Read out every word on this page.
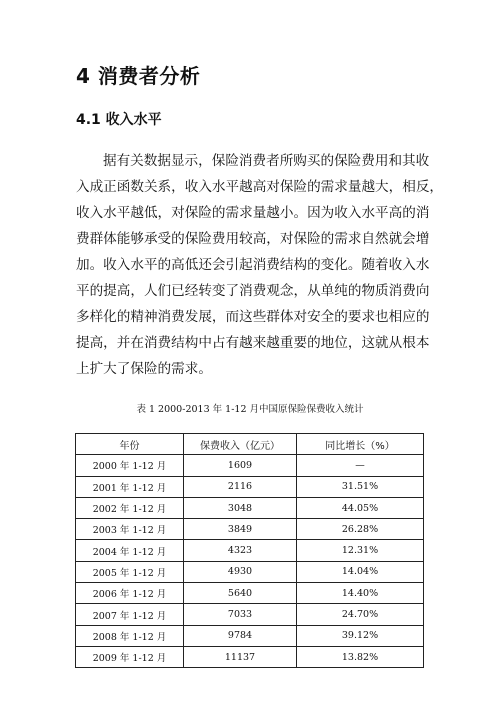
4 消费者分析
4.1 收入水平
据有关数据显示，保险消费者所购买的保险费用和其收
入成正函数关系，收入水平越高对保险的需求量越大，相反，
收入水平越低，对保险的需求量越小。因为收入水平高的消
费群体能够承受的保险费用较高，对保险的需求自然就会增
加。收入水平的高低还会引起消费结构的变化。随着收入水
平的提高，人们已经转变了消费观念，从单纯的物质消费向
多样化的精神消费发展，而这些群体对安全的要求也相应的
提高，并在消费结构中占有越来越重要的地位，这就从根本
上扩大了保险的需求。
表 1 2000-2013 年 1-12 月中国原保险保费收入统计
年份	保费收入（亿元）	同比增长（%）
2000 年 1-12 月	1609	—
2001 年 1-12 月	2116	31.51%
2002 年 1-12 月	3048	44.05%
2003 年 1-12 月	3849	26.28%
2004 年 1-12 月	4323	12.31%
2005 年 1-12 月	4930	14.04%
2006 年 1-12 月	5640	14.40%
2007 年 1-12 月	7033	24.70%
2008 年 1-12 月	9784	39.12%
2009 年 1-12 月	11137	13.82%
